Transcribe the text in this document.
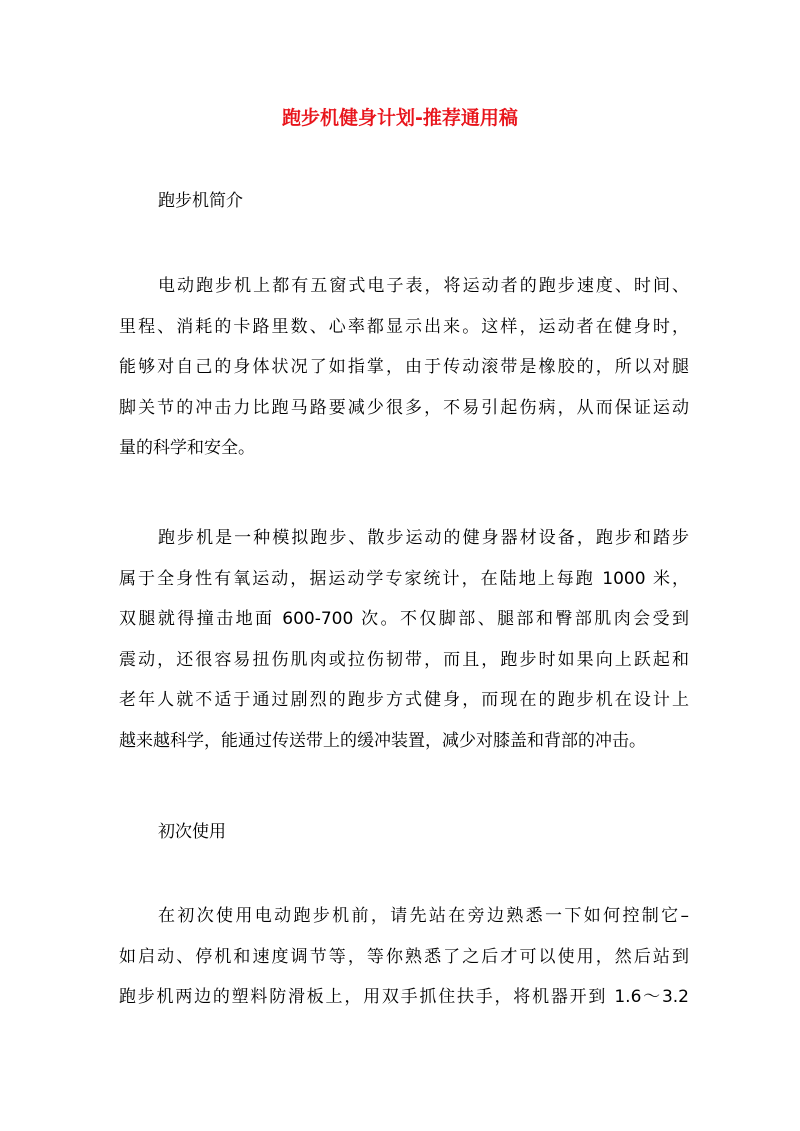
跑步机健身计划-推荐通用稿
跑步机简介
电动跑步机上都有五窗式电子表，将运动者的跑步速度、时间、
里程、消耗的卡路里数、心率都显示出来。这样，运动者在健身时，
能够对自己的身体状况了如指掌，由于传动滚带是橡胶的，所以对腿
脚关节的冲击力比跑马路要减少很多，不易引起伤病，从而保证运动
量的科学和安全。
跑步机是一种模拟跑步、散步运动的健身器材设备，跑步和踏步
属于全身性有氧运动，据运动学专家统计，在陆地上每跑 1000 米，
双腿就得撞击地面 600-700 次。不仅脚部、腿部和臀部肌肉会受到
震动，还很容易扭伤肌肉或拉伤韧带，而且，跑步时如果向上跃起和
老年人就不适于通过剧烈的跑步方式健身，而现在的跑步机在设计上
越来越科学，能通过传送带上的缓冲装置，减少对膝盖和背部的冲击。
初次使用
在初次使用电动跑步机前，请先站在旁边熟悉一下如何控制它–
如启动、停机和速度调节等，等你熟悉了之后才可以使用，然后站到
跑步机两边的塑料防滑板上，用双手抓住扶手，将机器开到 1.6～3.2
